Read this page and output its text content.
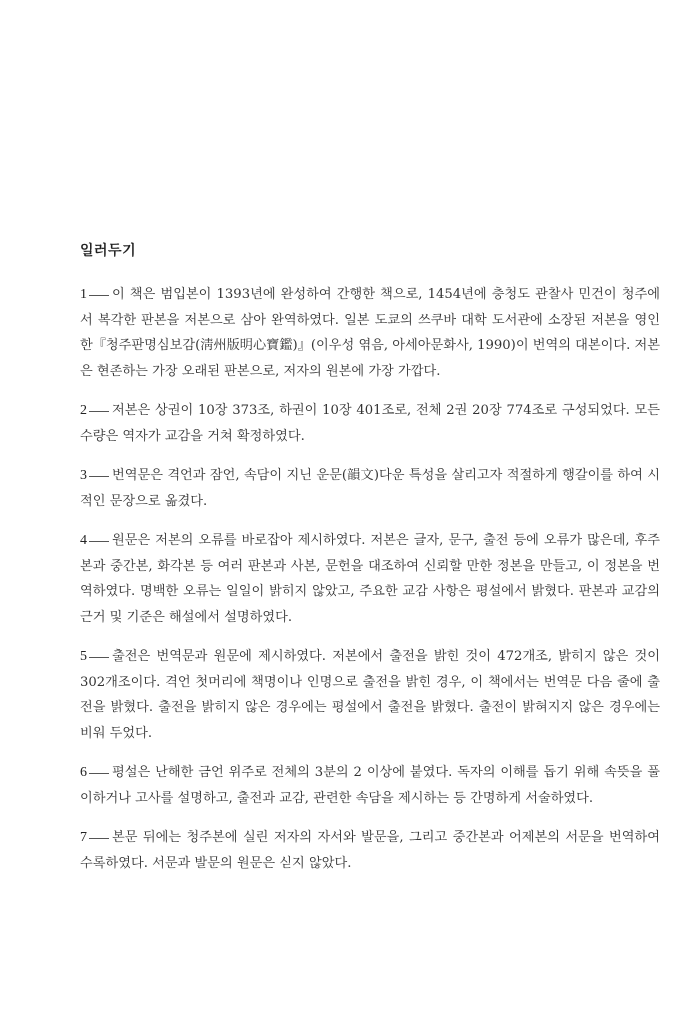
일러두기

1 이 책은 범입본이 1393년에 완성하여 간행한 책으로, 1454년에 충청도 관찰사 민건이 청주에서 복각한 판본을 저본으로 삼아 완역하였다. 일본 도쿄의 쓰쿠바 대학 도서관에 소장된 저본을 영인한『청주판명심보감(淸州版明心寶鑑)』(이우성 엮음, 아세아문화사, 1990)이 번역의 대본이다. 저본은 현존하는 가장 오래된 판본으로, 저자의 원본에 가장 가깝다.

2 저본은 상권이 10장 373조, 하권이 10장 401조로, 전체 2권 20장 774조로 구성되었다. 모든 수량은 역자가 교감을 거쳐 확정하였다.

3 번역문은 격언과 잠언, 속담이 지닌 운문(韻文)다운 특성을 살리고자 적절하게 행갈이를 하여 시적인 문장으로 옮겼다.

4 원문은 저본의 오류를 바로잡아 제시하였다. 저본은 글자, 문구, 출전 등에 오류가 많은데, 후주본과 중간본, 화각본 등 여러 판본과 사본, 문헌을 대조하여 신뢰할 만한 정본을 만들고, 이 정본을 번역하였다. 명백한 오류는 일일이 밝히지 않았고, 주요한 교감 사항은 평설에서 밝혔다. 판본과 교감의 근거 및 기준은 해설에서 설명하였다.

5 출전은 번역문과 원문에 제시하였다. 저본에서 출전을 밝힌 것이 472개조, 밝히지 않은 것이 302개조이다. 격언 첫머리에 책명이나 인명으로 출전을 밝힌 경우, 이 책에서는 번역문 다음 줄에 출전을 밝혔다. 출전을 밝히지 않은 경우에는 평설에서 출전을 밝혔다. 출전이 밝혀지지 않은 경우에는 비워 두었다.

6 평설은 난해한 금언 위주로 전체의 3분의 2 이상에 붙였다. 독자의 이해를 돕기 위해 속뜻을 풀이하거나 고사를 설명하고, 출전과 교감, 관련한 속담을 제시하는 등 간명하게 서술하였다.

7 본문 뒤에는 청주본에 실린 저자의 자서와 발문을, 그리고 중간본과 어제본의 서문을 번역하여 수록하였다. 서문과 발문의 원문은 싣지 않았다.
